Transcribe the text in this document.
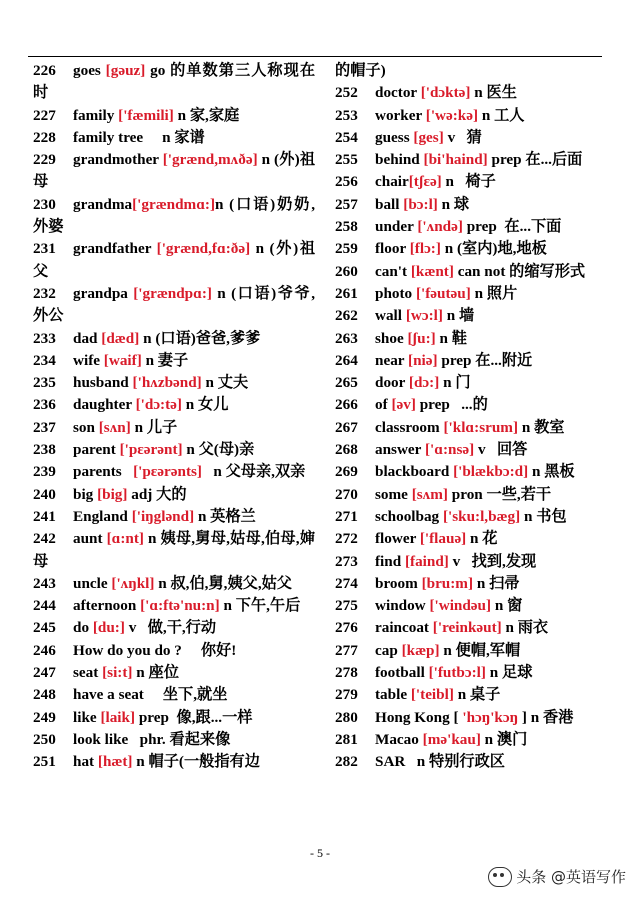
226 goes [gəuz] go 的单数第三人称现在时
227 family ['fæmili] n 家,家庭
228 family tree     n 家谱
229 grandmother ['grænd,mʌðə] n (外)祖母
230 grandma['grændmɑ:]n (口语)奶奶,外婆
231 grandfather ['grænd,fɑ:ðə] n (外)祖父
232 grandpa ['grændpɑ:] n (口语)爷爷,外公
233 dad [dæd] n (口语)爸爸,爹爹
234 wife [waif] n 妻子
235 husband ['hʌzbənd] n 丈夫
236 daughter ['dɔ:tə] n 女儿
237 son [sʌn] n 儿子
238 parent ['pɛərənt] n 父(母)亲
239 parents   ['pɛərənts]   n 父母亲,双亲
240 big [big] adj 大的
241 England ['iŋglənd] n 英格兰
242 aunt [ɑ:nt] n 姨母,舅母,姑母,伯母,婶母
243 uncle ['ʌŋkl] n 叔,伯,舅,姨父,姑父
244 afternoon ['ɑ:ftə'nu:n] n 下午,午后
245 do [du:] v   做,干,行动
246 How do you do ?     你好!
247 seat [si:t] n 座位
248 have a seat     坐下,就坐
249 like [laik] prep  像,跟...一样
250 look like   phr. 看起来像
251 hat [hæt] n 帽子(一般指有边
的帽子)
252 doctor ['dɔktə] n 医生
253 worker ['wə:kə] n 工人
254 guess [ges] v   猜
255 behind [bi'haind] prep 在...后面
256 chair[tʃɛə] n   椅子
257 ball [bɔ:l] n 球
258 under ['ʌndə] prep  在...下面
259 floor [flɔ:] n (室内)地,地板
260 can't [kænt] can not 的缩写形式
261 photo ['fəutəu] n 照片
262 wall [wɔ:l] n 墙
263 shoe [ʃu:] n 鞋
264 near [niə] prep 在...附近
265 door [dɔ:] n 门
266 of [əv] prep   ...的
267 classroom ['klɑ:srum] n 教室
268 answer ['ɑ:nsə] v   回答
269 blackboard ['blækbɔ:d] n 黑板
270 some [sʌm] pron 一些,若干
271 schoolbag ['sku:l,bæg] n 书包
272 flower ['flauə] n 花
273 find [faind] v   找到,发现
274 broom [bru:m] n 扫帚
275 window ['windəu] n 窗
276 raincoat ['reinkəut] n 雨衣
277 cap [kæp] n 便帽,军帽
278 football ['futbɔ:l] n 足球
279 table ['teibl] n 桌子
280 Hong Kong [ 'hɔŋ'kɔŋ ] n 香港
281 Macao [mə'kau] n 澳门
282 SAR   n 特别行政区
- 5 -
头条 @英语写作
